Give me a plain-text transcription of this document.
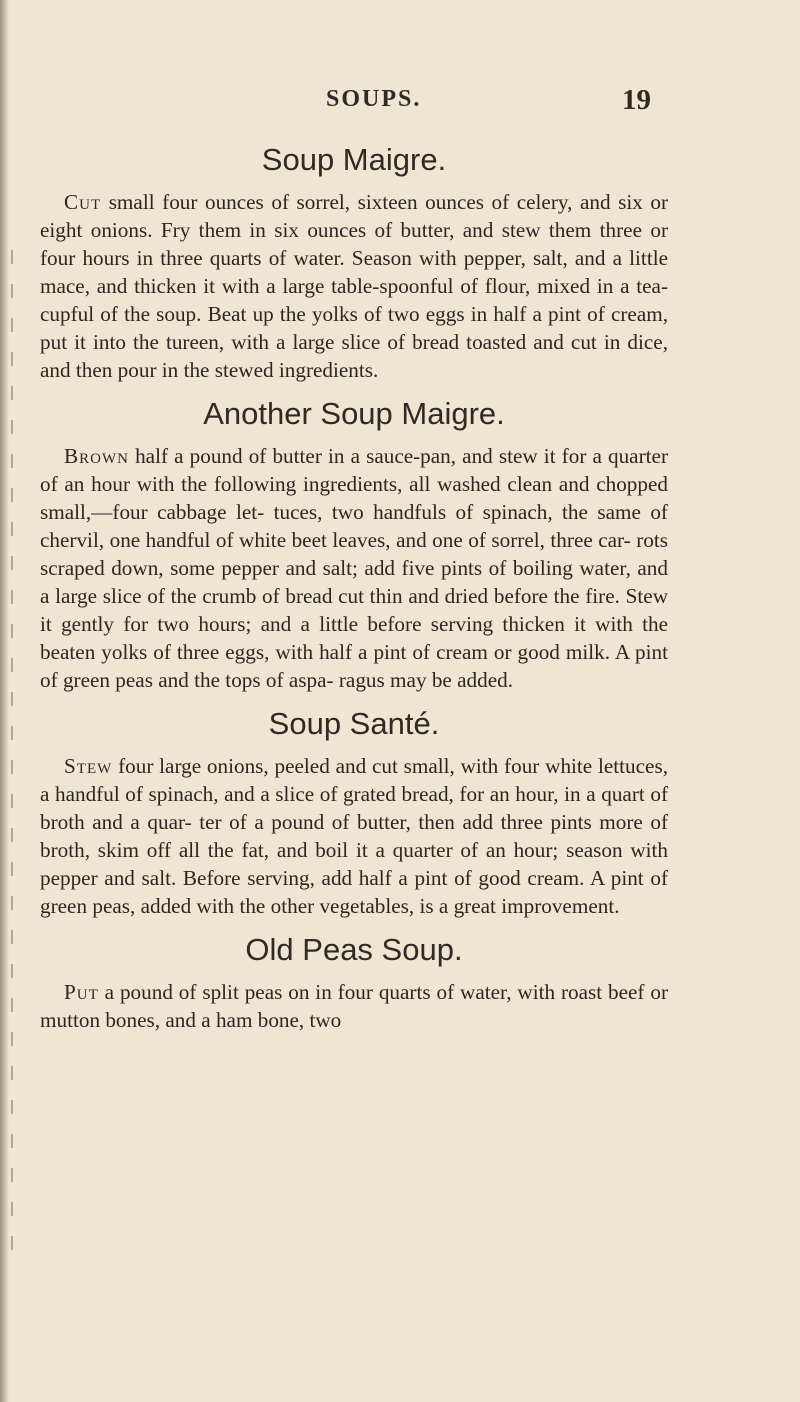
SOUPS.	19
Soup Maigre.

Cut small four ounces of sorrel, sixteen ounces of celery, and six or eight onions. Fry them in six ounces of butter, and stew them three or four hours in three quarts of water. Season with pepper, salt, and a little mace, and thicken it with a large table-spoonful of flour, mixed in a tea-cupful of the soup. Beat up the yolks of two eggs in half a pint of cream, put it into the tureen, with a large slice of bread toasted and cut in dice, and then pour in the stewed ingredients.

Another Soup Maigre.

Brown half a pound of butter in a sauce-pan, and stew it for a quarter of an hour with the following ingredients, all washed clean and chopped small,—four cabbage let- tuces, two handfuls of spinach, the same of chervil, one handful of white beet leaves, and one of sorrel, three car- rots scraped down, some pepper and salt; add five pints of boiling water, and a large slice of the crumb of bread cut thin and dried before the fire. Stew it gently for two hours; and a little before serving thicken it with the beaten yolks of three eggs, with half a pint of cream or good milk. A pint of green peas and the tops of aspa- ragus may be added.

Soup Santé.

Stew four large onions, peeled and cut small, with four white lettuces, a handful of spinach, and a slice of grated bread, for an hour, in a quart of broth and a quar- ter of a pound of butter, then add three pints more of broth, skim off all the fat, and boil it a quarter of an hour; season with pepper and salt. Before serving, add half a pint of good cream. A pint of green peas, added with the other vegetables, is a great improvement.

Old Peas Soup.

Put a pound of split peas on in four quarts of water, with roast beef or mutton bones, and a ham bone, two
